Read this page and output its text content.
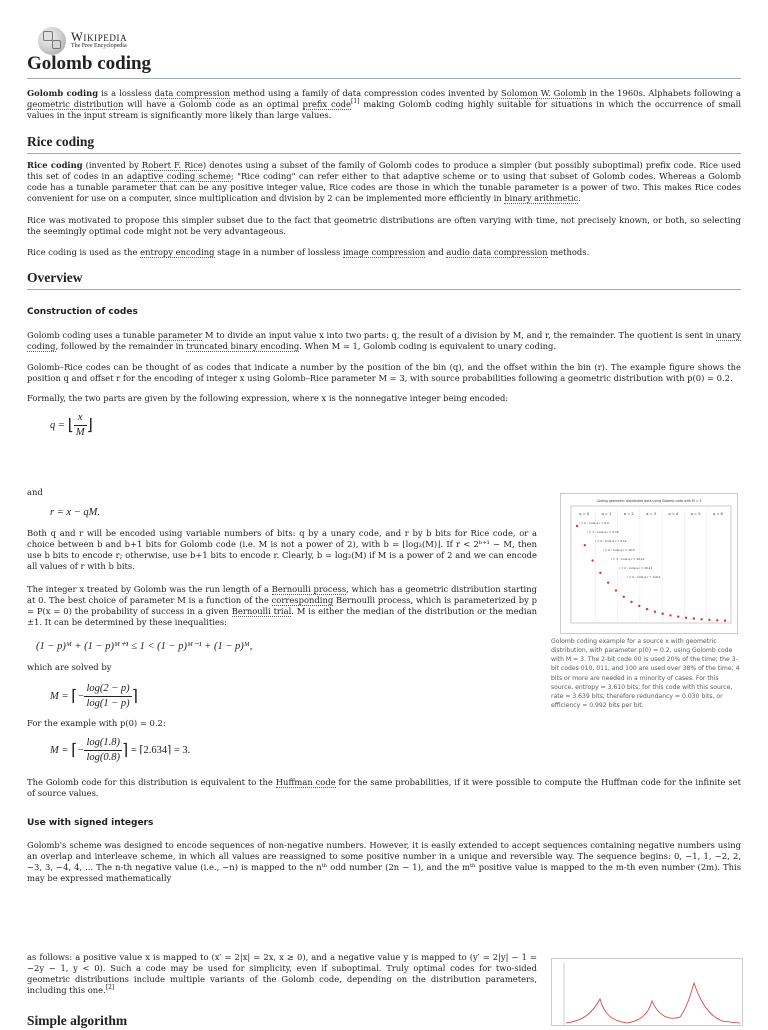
Wikipedia
The Free Encyclopedia
Golomb coding
Golomb coding is a lossless data compression method using a family of data compression codes invented by Solomon W. Golomb in the 1960s. Alphabets following a geometric distribution will have a Golomb code as an optimal prefix code[1] making Golomb coding highly suitable for situations in which the occurrence of small values in the input stream is significantly more likely than large values.
Rice coding
Rice coding (invented by Robert F. Rice) denotes using a subset of the family of Golomb codes to produce a simpler (but possibly suboptimal) prefix code. Rice used this set of codes in an adaptive coding scheme; "Rice coding" can refer either to that adaptive scheme or to using that subset of Golomb codes. Whereas a Golomb code has a tunable parameter that can be any positive integer value, Rice codes are those in which the tunable parameter is a power of two. This makes Rice codes convenient for use on a computer, since multiplication and division by 2 can be implemented more efficiently in binary arithmetic.
Rice was motivated to propose this simpler subset due to the fact that geometric distributions are often varying with time, not precisely known, or both, so selecting the seemingly optimal code might not be very advantageous.
Rice coding is used as the entropy encoding stage in a number of lossless image compression and audio data compression methods.
Overview
Construction of codes
Golomb coding uses a tunable parameter M to divide an input value x into two parts: q, the result of a division by M, and r, the remainder. The quotient is sent in unary coding, followed by the remainder in truncated binary encoding. When M = 1, Golomb coding is equivalent to unary coding.
Golomb–Rice codes can be thought of as codes that indicate a number by the position of the bin (q), and the offset within the bin (r). The example figure shows the position q and offset r for the encoding of integer x using Golomb–Rice parameter M = 3, with source probabilities following a geometric distribution with p(0) = 0.2.
Formally, the two parts are given by the following expression, where x is the nonnegative integer being encoded:
q = ⌊ $\frac{x}{M}$ ⌋
and
r = x − qM.
Both q and r will be encoded using variable numbers of bits: q by a unary code, and r by b bits for Rice code, or a choice between b and b+1 bits for Golomb code (i.e. M is not a power of 2), with b = ⌊log₂(M)⌋. If r < 2ᵇ⁺¹ − M, then use b bits to encode r; otherwise, use b+1 bits to encode r. Clearly, b = log₂(M) if M is a power of 2 and we can encode all values of r with b bits.
The integer x treated by Golomb was the run length of a Bernoulli process, which has a geometric distribution starting at 0. The best choice of parameter M is a function of the corresponding Bernoulli process, which is parameterized by p = P(x = 0) the probability of success in a given Bernoulli trial. M is either the median of the distribution or the median ±1. It can be determined by these inequalities:
(1 − p)ᴹ + (1 − p)ᴹ⁺¹ ≤ 1 < (1 − p)ᴹ⁻¹ + (1 − p)ᴹ,
which are solved by
M = ⌈− $\frac{\log(2 - p)}{\log(1 - p)}$ ⌉
For the example with p(0) = 0.2:
M = ⌈− $\frac{\log(1.8)}{\log(0.8)}$ ⌉ = ⌈2.634⌉ = 3.
The Golomb code for this distribution is equivalent to the Huffman code for the same probabilities, if it were possible to compute the Huffman code for the infinite set of source values.
Use with signed integers
Golomb's scheme was designed to encode sequences of non-negative numbers. However, it is easily extended to accept sequences containing negative numbers using an overlap and interleave scheme, in which all values are reassigned to some positive number in a unique and reversible way. The sequence begins: 0, −1, 1, −2, 2, −3, 3, −4, 4, ... The n-th negative value (i.e., −n) is mapped to the nᵗʰ odd number (2n − 1), and the mᵗʰ positive value is mapped to the m-th even number (2m). This may be expressed mathematically
as follows: a positive value x is mapped to (x′ = 2|x| = 2x, x ≥ 0), and a negative value y is mapped to (y′ = 2|y| − 1 = −2y − 1, y < 0). Such a code may be used for simplicity, even if suboptimal. Truly optimal codes for two-sided geometric distributions include multiple variants of the Golomb code, depending on the distribution parameters, including this one.[2]
Coding geometric distributed data using Golomb code with M = 3
q = 0	q = 1	q = 2	q = 3	q = 4	q = 5	q = 6
r = 0 : code q,r = 0,0
r = 1 : code q,r = 0,10
r = 2 : code q,r = 0,11
r = 0 : code q,r = 10,0
r = 1 : code q,r = 10,10
r = 2 : code q,r = 10,11
r = 0 : code q,r = 110,0
Golomb coding example for a source x with geometric distribution, with parameter p(0) = 0.2, using Golomb code with M = 3. The 2-bit code 00 is used 20% of the time; the 3-bit codes 010, 011, and 100 are used over 38% of the time; 4 bits or more are needed in a minority of cases. For this source, entropy = 3.610 bits; for this code with this source, rate = 3.639 bits; therefore redundancy = 0.030 bits, or efficiency = 0.992 bits per bit.
Simple algorithm
